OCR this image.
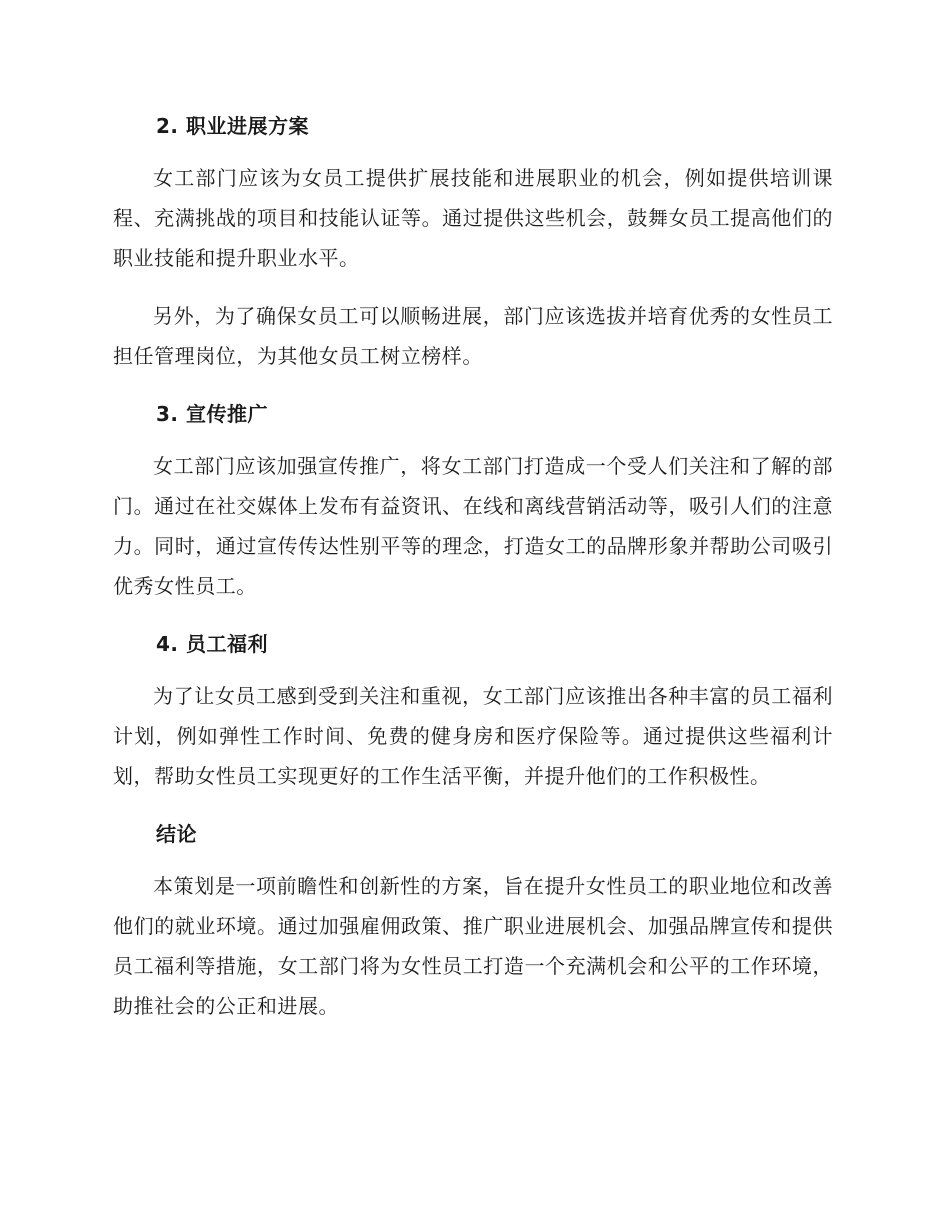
2. 职业进展方案

女工部门应该为女员工提供扩展技能和进展职业的机会，例如提供培训课程、充满挑战的项目和技能认证等。通过提供这些机会，鼓舞女员工提高他们的职业技能和提升职业水平。

另外，为了确保女员工可以顺畅进展，部门应该选拔并培育优秀的女性员工担任管理岗位，为其他女员工树立榜样。

3. 宣传推广

女工部门应该加强宣传推广，将女工部门打造成一个受人们关注和了解的部门。通过在社交媒体上发布有益资讯、在线和离线营销活动等，吸引人们的注意力。同时，通过宣传传达性别平等的理念，打造女工的品牌形象并帮助公司吸引优秀女性员工。

4. 员工福利

为了让女员工感到受到关注和重视，女工部门应该推出各种丰富的员工福利计划，例如弹性工作时间、免费的健身房和医疗保险等。通过提供这些福利计划，帮助女性员工实现更好的工作生活平衡，并提升他们的工作积极性。

结论

本策划是一项前瞻性和创新性的方案，旨在提升女性员工的职业地位和改善他们的就业环境。通过加强雇佣政策、推广职业进展机会、加强品牌宣传和提供员工福利等措施，女工部门将为女性员工打造一个充满机会和公平的工作环境，助推社会的公正和进展。
